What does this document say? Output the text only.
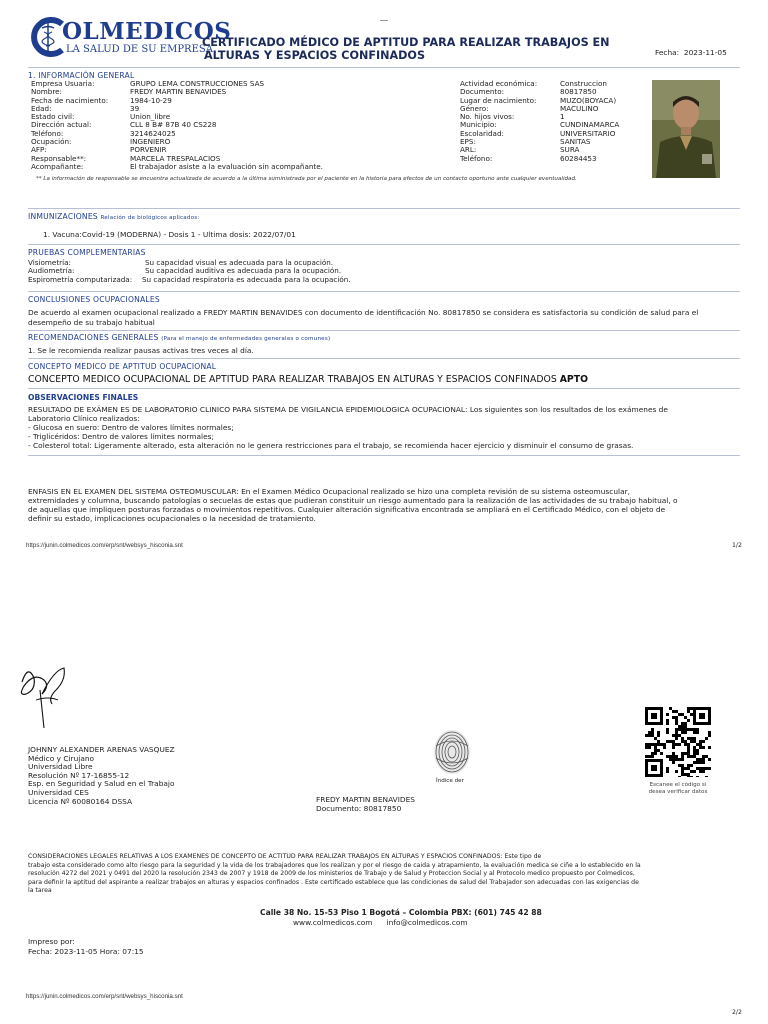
OLMEDICOS
LA SALUD DE SU EMPRESA
CERTIFICADO MÉDICO DE APTITUD PARA REALIZAR TRABAJOS EN
ALTURAS Y ESPACIOS CONFINADOS	Fecha: 2023-11-05
1. INFORMACIÓN GENERAL
Empresa Usuaria:
Nombre:
Fecha de nacimiento:
Edad:
Estado civil:
Dirección actual:
Teléfono:
Ocupación:
AFP:
Responsable**:
Acompañante:
GRUPO LEMA CONSTRUCCIONES SAS
FREDY MARTIN BENAVIDES
1984-10-29
39
Union_libre
CLL 8 B# 87B 40 CS228
3214624025
INGENIERO
PORVENIR
MARCELA TRESPALACIOS
El trabajador asiste a la evaluación sin acompañante.
Actividad económica:
Documento:
Lugar de nacimiento:
Género:
No. hijos vivos:
Municipio:
Escolaridad:
EPS:
ARL:
Teléfono:
Construccion
80817850
MUZO(BOYACA)
MACULINO
1
CUNDINAMARCA
UNIVERSITARIO
SANITAS
SURA
60284453
** La información de responsable se encuentra actualizada de acuerdo a la última suministrada por el paciente en la historia para efectos de un contacto oportuno ante cualquier eventualidad.
INMUNIZACIONES Relación de biológicos aplicados:
1. Vacuna:Covid-19 (MODERNA) - Dosis 1 - Ultima dosis: 2022/07/01
PRUEBAS COMPLEMENTARIAS
Visiometría:
Audiometría:
Espirometría computarizada:
Su capacidad visual es adecuada para la ocupación.
Su capacidad auditiva es adecuada para la ocupación.
Su capacidad respiratoria es adecuada para la ocupación.
CONCLUSIONES OCUPACIONALES
De acuerdo al examen ocupacional realizado a FREDY MARTIN BENAVIDES con documento de identificación No. 80817850 se considera es satisfactoria su condición de salud para el desempeño de su trabajo habitual
RECOMENDACIONES GENERALES (Para el manejo de enfermedades generales o comunes)
1. Se le recomienda realizar pausas activas tres veces al día.
CONCEPTO MEDICO DE APTITUD OCUPACIONAL
CONCEPTO MEDICO OCUPACIONAL DE APTITUD PARA REALIZAR TRABAJOS EN ALTURAS Y ESPACIOS CONFINADOS APTO
OBSERVACIONES FINALES
RESULTADO DE EXÁMEN ES DE LABORATORIO CLINICO PARA SISTEMA DE VIGILANCIA EPIDEMIOLOGICA OCUPACIONAL: Los siguientes son los resultados de los exámenes de
Laboratorio Clínico realizados:
- Glucosa en suero: Dentro de valores límites normales;
- Triglicéridos: Dentro de valores límites normales;
- Colesterol total: Ligeramente alterado, esta alteración no le genera restricciones para el trabajo, se recomienda hacer ejercicio y disminuir el consumo de grasas.
ENFASIS EN EL EXAMEN DEL SISTEMA OSTEOMUSCULAR: En el Examen Médico Ocupacional realizado se hizo una completa revisión de su sistema osteomuscular,
extremidades y columna, buscando patologías o secuelas de estas que pudieran constituir un riesgo aumentado para la realización de las actividades de su trabajo habitual, o
de aquellas que impliquen posturas forzadas o movimientos repetitivos. Cualquier alteración significativa encontrada se ampliará en el Certificado Médico, con el objeto de
definir su estado, implicaciones ocupacionales o la necesidad de tratamiento.
https://junin.colmedicos.com/erp/snt/websys_hisconia.snt	1/2
JOHNNY ALEXANDER ARENAS VASQUEZ
Médico y Cirujano
Universidad Libre
Resolución Nº 17-16855-12
Esp. en Seguridad y Salud en el Trabajo
Universidad CES
Licencia Nº 60080164 DSSA
Índice der
FREDY MARTIN BENAVIDES
Documento: 80817850
Escanee el código si
desea verificar datos
CONSIDERACIONES LEGALES RELATIVAS A LOS EXAMENES DE CONCEPTO DE ACTITUD PARA REALIZAR TRABAJOS EN ALTURAS Y ESPACIOS CONFINADOS: Este tipo de
trabajo esta considerado como alto riesgo para la seguridad y la vida de los trabajadores que los realizan y por el riesgo de caida y atrapamiento, la evaluación medica se ciñe a lo establecido en la
resolución 4272 del 2021 y 0491 del 2020 la resolución 2343 de 2007 y 1918 de 2009 de los ministerios de Trabajo y de Salud y Proteccion Social y al Protocolo medico propuesto por Colmedicos,
para definir la aptitud del aspirante a realizar trabajos en alturas y espacios confinados . Este certificado establece que las condiciones de salud del Trabajador son adecuadas con las exigencias de
la tarea
Calle 38 No. 15-53 Piso 1 Bogotá – Colombia PBX: (601) 745 42 88
www.colmedicos.com info@colmedicos.com
Impreso por:
Fecha: 2023-11-05 Hora: 07:15
https://junin.colmedicos.com/erp/snt/websys_hisconia.snt
2/2
